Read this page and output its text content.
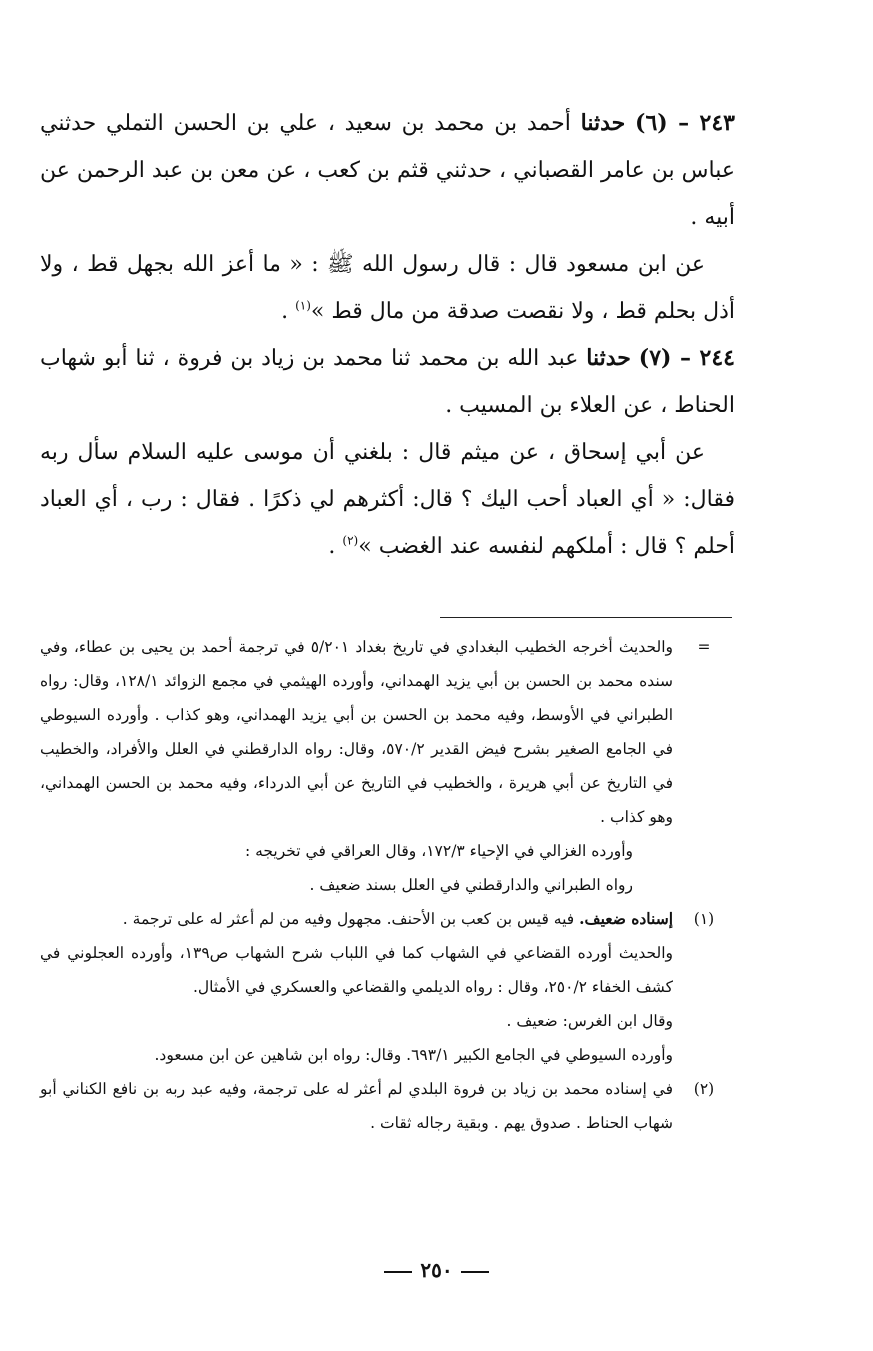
٢٤٣ – (٦) حدثنا أحمد بن محمد بن سعيد ، علي بن الحسن التملي حدثني عباس بن عامر القصباني ، حدثني قثم بن كعب ، عن معن بن عبد الرحمن عن أبيه .

عن ابن مسعود قال : قال رسول الله ﷺ : « ما أعز الله بجهل قط ، ولا أذل بحلم قط ، ولا نقصت صدقة من مال قط »$^{(١)}$ .

٢٤٤ – (٧) حدثنا عبد الله بن محمد ثنا محمد بن زياد بن فروة ، ثنا أبو شهاب الحناط ، عن العلاء بن المسيب .

عن أبي إسحاق ، عن ميثم قال : بلغني أن موسى عليه السلام سأل ربه فقال: « أي العباد أحب اليك ؟ قال: أكثرهم لي ذكرًا . فقال : رب ، أي العباد أحلم ؟ قال : أملكهم لنفسه عند الغضب »$^{(٢)}$ .

=

والحديث أخرجه الخطيب البغدادي في تاريخ بغداد ٥/٢٠١ في ترجمة أحمد بن يحيى بن عطاء، وفي سنده محمد بن الحسن بن أبي يزيد الهمداني، وأورده الهيثمي في مجمع الزوائد ١٢٨/١، وقال: رواه الطبراني في الأوسط، وفيه محمد بن الحسن بن أبي يزيد الهمداني، وهو كذاب . وأورده السيوطي في الجامع الصغير بشرح فيض القدير ٥٧٠/٢، وقال: رواه الدارقطني في العلل والأفراد، والخطيب في التاريخ عن أبي هريرة ، والخطيب في التاريخ عن أبي الدرداء، وفيه محمد بن الحسن الهمداني، وهو كذاب .

وأورده الغزالي في الإحياء ١٧٢/٣، وقال العراقي في تخريجه :

رواه الطبراني والدارقطني في العلل بسند ضعيف .

(١)

إسناده ضعيف. فيه قيس بن كعب بن الأحنف. مجهول وفيه من لم أعثر له على ترجمة .

والحديث أورده القضاعي في الشهاب كما في اللباب شرح الشهاب ص١٣٩، وأورده العجلوني في كشف الخفاء ٢٥٠/٢، وقال : رواه الديلمي والقضاعي والعسكري في الأمثال.

وقال ابن الغرس: ضعيف .

وأورده السيوطي في الجامع الكبير ٦٩٣/١. وقال: رواه ابن شاهين عن ابن مسعود.

(٢)

في إسناده محمد بن زياد بن فروة البلدي لم أعثر له على ترجمة، وفيه عبد ربه بن نافع الكناني أبو شهاب الحناط . صدوق يهم . وبقية رجاله ثقات .

٢٥٠
